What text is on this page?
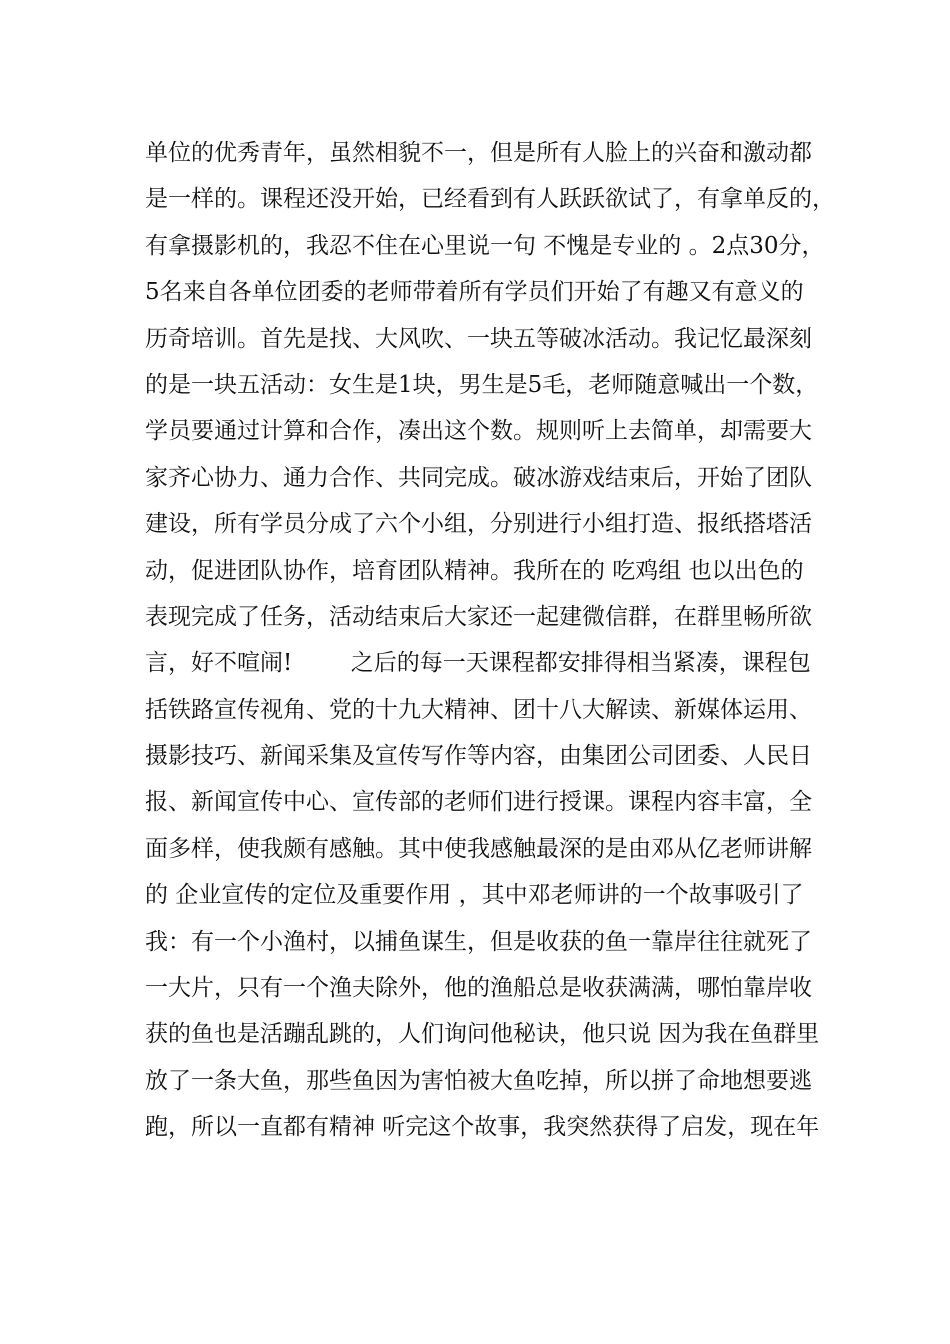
单位的优秀青年，虽然相貌不一，但是所有人脸上的兴奋和激动都
是一样的。课程还没开始，已经看到有人跃跃欲试了，有拿单反的，
有拿摄影机的，我忍不住在心里说一句 不愧是专业的 。2点30分，
5名来自各单位团委的老师带着所有学员们开始了有趣又有意义的
历奇培训。首先是找、大风吹、一块五等破冰活动。我记忆最深刻
的是一块五活动：女生是1块，男生是5毛，老师随意喊出一个数，
学员要通过计算和合作，凑出这个数。规则听上去简单，却需要大
家齐心协力、通力合作、共同完成。破冰游戏结束后，开始了团队
建设，所有学员分成了六个小组，分别进行小组打造、报纸搭塔活
动，促进团队协作，培育团队精神。我所在的 吃鸡组 也以出色的
表现完成了任务，活动结束后大家还一起建微信群，在群里畅所欲
言，好不喧闹!        之后的每一天课程都安排得相当紧凑，课程包
括铁路宣传视角、党的十九大精神、团十八大解读、新媒体运用、
摄影技巧、新闻采集及宣传写作等内容，由集团公司团委、人民日
报、新闻宣传中心、宣传部的老师们进行授课。课程内容丰富，全
面多样，使我颇有感触。其中使我感触最深的是由邓从亿老师讲解
的 企业宣传的定位及重要作用 ，其中邓老师讲的一个故事吸引了
我：有一个小渔村，以捕鱼谋生，但是收获的鱼一靠岸往往就死了
一大片，只有一个渔夫除外，他的渔船总是收获满满，哪怕靠岸收
获的鱼也是活蹦乱跳的，人们询问他秘诀，他只说 因为我在鱼群里
放了一条大鱼，那些鱼因为害怕被大鱼吃掉，所以拼了命地想要逃
跑，所以一直都有精神 听完这个故事，我突然获得了启发，现在年
